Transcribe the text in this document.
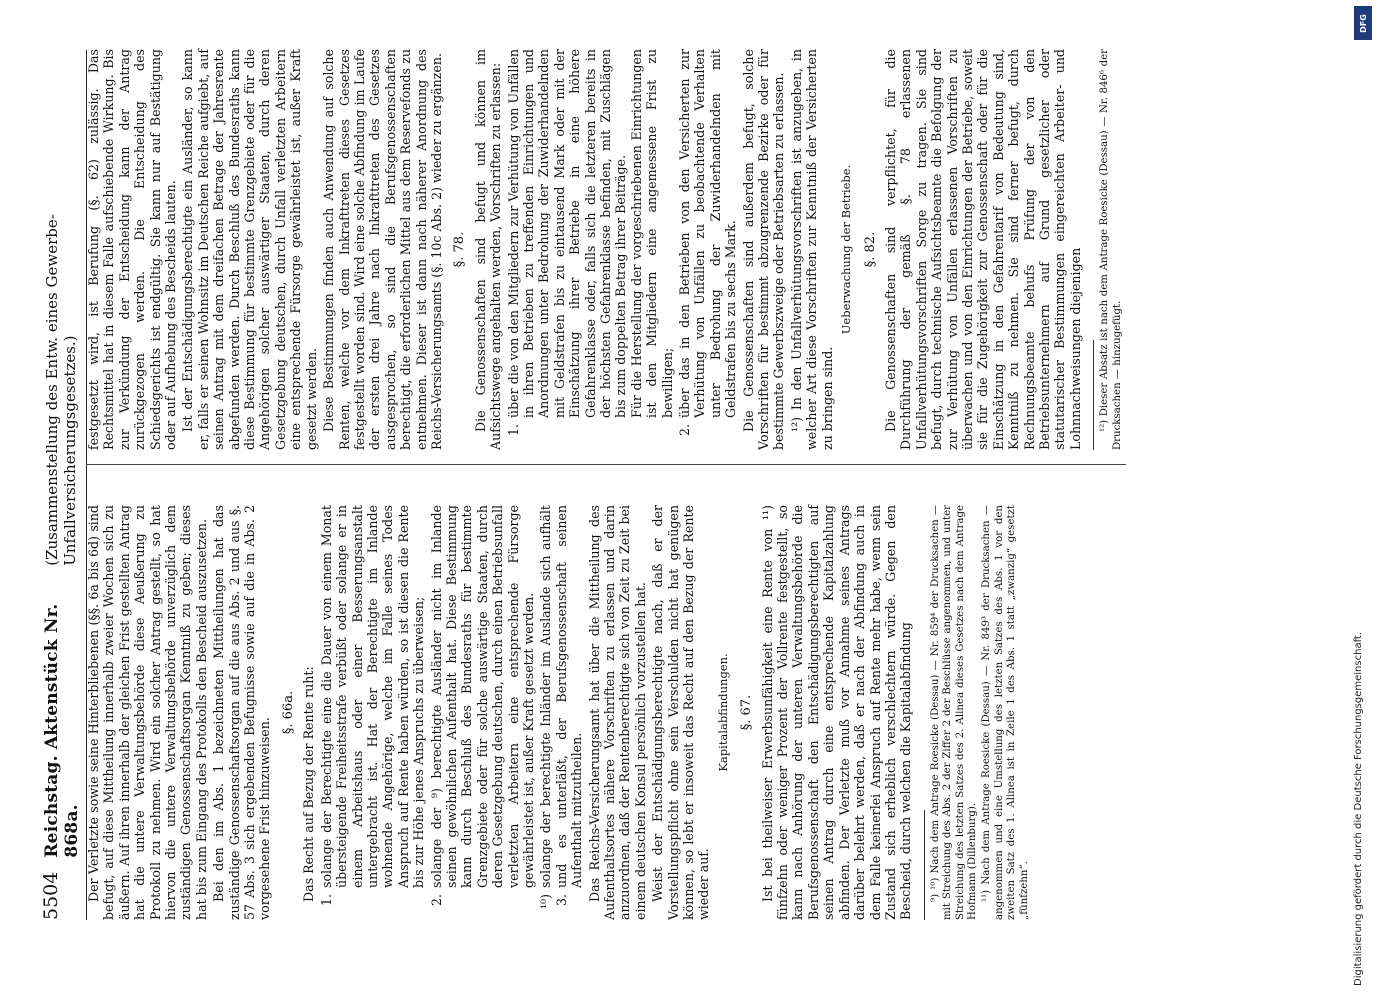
5504
Reichstag. Aktenstück Nr. 868a.
(Zusammenstellung des Entw. eines Gewerbe-Unfallversicherungsgesetzes.)

Der Verletzte sowie seine Hinterbliebenen (§§. 6a bis 6d) sind befugt, auf diese Mittheilung innerhalb zweier Wochen sich zu äußern. Auf ihren innerhalb der gleichen Frist gestellten Antrag hat die untere Verwaltungsbehörde diese Aeußerung zu Protokoll zu nehmen. Wird ein solcher Antrag gestellt, so hat hiervon die untere Verwaltungsbehörde unverzüglich dem zuständigen Genossenschaftsorgan Kenntniß zu geben; dieses hat bis zum Eingang des Protokolls den Bescheid auszusetzen. Bei den im Abs. 1 bezeichneten Mittheilungen hat das zuständige Genossenschaftsorgan auf die aus Abs. 2 und aus §. 57 Abs. 3 sich ergebenden Befugnisse sowie auf die in Abs. 2 vorgesehene Frist hinzuweisen.

§. 66a. Das Recht auf Bezug der Rente ruht: 1.
solange der Berechtigte eine die Dauer von einem Monat übersteigende Freiheitsstrafe verbüßt oder solange er in einem Arbeitshaus oder einer Besserungsanstalt untergebracht ist. Hat der Berechtigte im Inlande wohnende Angehörige, welche im Falle seines Todes Anspruch auf Rente haben würden, so ist diesen die Rente bis zur Höhe jenes Anspruchs zu überweisen;
2.
solange der ⁹) berechtigte Ausländer nicht im Inlande seinen gewöhnlichen Aufenthalt hat. Diese Bestimmung kann durch Beschluß des Bundesraths für bestimmte Grenzgebiete oder für solche auswärtige Staaten, durch deren Gesetzgebung deutschen, durch einen Betriebsunfall verletzten Arbeitern eine entsprechende Fürsorge gewährleistet ist, außer Kraft gesetzt werden.
¹⁰) 3.
solange der berechtigte Inländer im Auslande sich aufhält und es unterläßt, der Berufsgenossenschaft seinen Aufenthalt mitzutheilen. Das Reichs-Versicherungsamt hat über die Mittheilung des Aufenthaltsortes nähere Vorschriften zu erlassen und darin anzuordnen, daß der Rentenberechtigte sich von Zeit zu Zeit bei einem deutschen Konsul persönlich vorzustellen hat. Weist der Entschädigungsberechtigte nach, daß er der Vorstellungspflicht ohne sein Verschulden nicht hat genügen können, so lebt er insoweit das Recht auf den Bezug der Rente wieder auf.

Kapitalabfindungen. §. 67. Ist bei theilweiser Erwerbsunfähigkeit eine Rente von ¹¹) fünfzehn oder weniger Prozent der Vollrente festgestellt, so kann nach Anhörung der unteren Verwaltungsbehörde die Berufsgenossenschaft den Entschädigungsberechtigten auf seinen Antrag durch eine entsprechende Kapitalzahlung abfinden. Der Verletzte muß vor Annahme seines Antrags darüber belehrt werden, daß er nach der Abfindung auch in dem Falle keinerlei Anspruch auf Rente mehr habe, wenn sein Zustand sich erheblich verschlechtern würde. Gegen den Bescheid, durch welchen die Kapitalabfindung ⁹) ¹⁰) Nach dem Antrage Roesicke (Dessau) — Nr. 859⁴ der Drucksachen — mit Streichung des Abs. 2 der Ziffer 2 der Beschlüsse angenommen, und unter Streichung des letzten Satzes des 2. Alinea dieses Gesetzes nach dem Antrage Hofmann (Dillenburg). ¹¹) Nach dem Antrage Roesicke (Dessau) — Nr. 849³ der Drucksachen — angenommen und eine Umstellung des letzten Satzes des Abs. 1 vor den zweiten Satz des 1. Alinea ist in Zeile 1 des Abs. 1 statt „zwanzig“ gesetzt „fünfzehn“.

festgesetzt wird, ist Berufung (§. 62) zulässig. Das Rechtsmittel hat in diesem Falle aufschiebende Wirkung. Bis zur Verkündung der Entscheidung kann der Antrag zurückgezogen werden. Die Entscheidung des Schiedsgerichts ist endgültig. Sie kann nur auf Bestätigung oder auf Aufhebung des Bescheids lauten. Ist der Entschädigungsberechtigte ein Ausländer, so kann er, falls er seinen Wohnsitz im Deutschen Reiche aufgiebt, auf seinen Antrag mit dem dreifachen Betrage der Jahresrente abgefunden werden. Durch Beschluß des Bundesraths kann diese Bestimmung für bestimmte Grenzgebiete oder für die Angehörigen solcher auswärtiger Staaten, durch deren Gesetzgebung deutschen, durch Unfall verletzten Arbeitern eine entsprechende Fürsorge gewährleistet ist, außer Kraft gesetzt werden. Diese Bestimmungen finden auch Anwendung auf solche Renten, welche vor dem Inkrafttreten dieses Gesetzes festgestellt worden sind. Wird eine solche Abfindung im Laufe der ersten drei Jahre nach Inkrafttreten des Gesetzes ausgesprochen, so sind die Berufsgenossenschaften berechtigt, die erforderlichen Mittel aus dem Reservefonds zu entnehmen. Dieser ist dann nach näherer Anordnung des Reichs-Versicherungsamts (§. 10c Abs. 2) wieder zu ergänzen. §. 78. Die Genossenschaften sind befugt und können im Aufsichtswege angehalten werden, Vorschriften zu erlassen: 1.
über die von den Mitgliedern zur Verhütung von Unfällen in ihren Betrieben zu treffenden Einrichtungen und Anordnungen unter Bedrohung der Zuwiderhandelnden mit Geldstrafen bis zu eintausend Mark oder mit der Einschätzung ihrer Betriebe in eine höhere Gefahrenklasse oder, falls sich die letzteren bereits in der höchsten Gefahrenklasse befinden, mit Zuschlägen bis zum doppelten Betrag ihrer Beiträge.
Für die Herstellung der vorgeschriebenen Einrichtungen ist den Mitgliedern eine angemessene Frist zu bewilligen;
2.
über das in den Betrieben von den Versicherten zur Verhütung von Unfällen zu beobachtende Verhalten unter Bedrohung der Zuwiderhandelnden mit Geldstrafen bis zu sechs Mark. Die Genossenschaften sind außerdem befugt, solche Vorschriften für bestimmt abzugrenzende Bezirke oder für bestimmte Gewerbszweige oder Betriebsarten zu erlassen. ¹²) In den Unfallverhütungsvorschriften ist anzugeben, in welcher Art diese Vorschriften zur Kenntniß der Versicherten zu bringen sind.

Ueberwachung der Betriebe. §. 82. Die Genossenschaften sind verpflichtet, für die Durchführung der gemäß §. 78 erlassenen Unfallverhütungsvorschriften Sorge zu tragen. Sie sind befugt, durch technische Aufsichtsbeamte die Befolgung der zur Verhütung von Unfällen erlassenen Vorschriften zu überwachen und von den Einrichtungen der Betriebe, soweit sie für die Zugehörigkeit zur Genossenschaft oder für die Einschätzung in den Gefahrentarif von Bedeutung sind, Kenntniß zu nehmen. Sie sind ferner befugt, durch Rechnungsbeamte behufs Prüfung der von den Betriebsunternehmern auf Grund gesetzlicher oder statutarischer Bestimmungen eingereichten Arbeiter- und Lohnnachweisungen diejenigen ¹²) Dieser Absatz ist nach dem Antrage Roesicke (Dessau) — Nr. 846⁶ der Drucksachen — hinzugefügt.

DFG
Digitalisierung gefördert durch die Deutsche Forschungsgemeinschaft.
